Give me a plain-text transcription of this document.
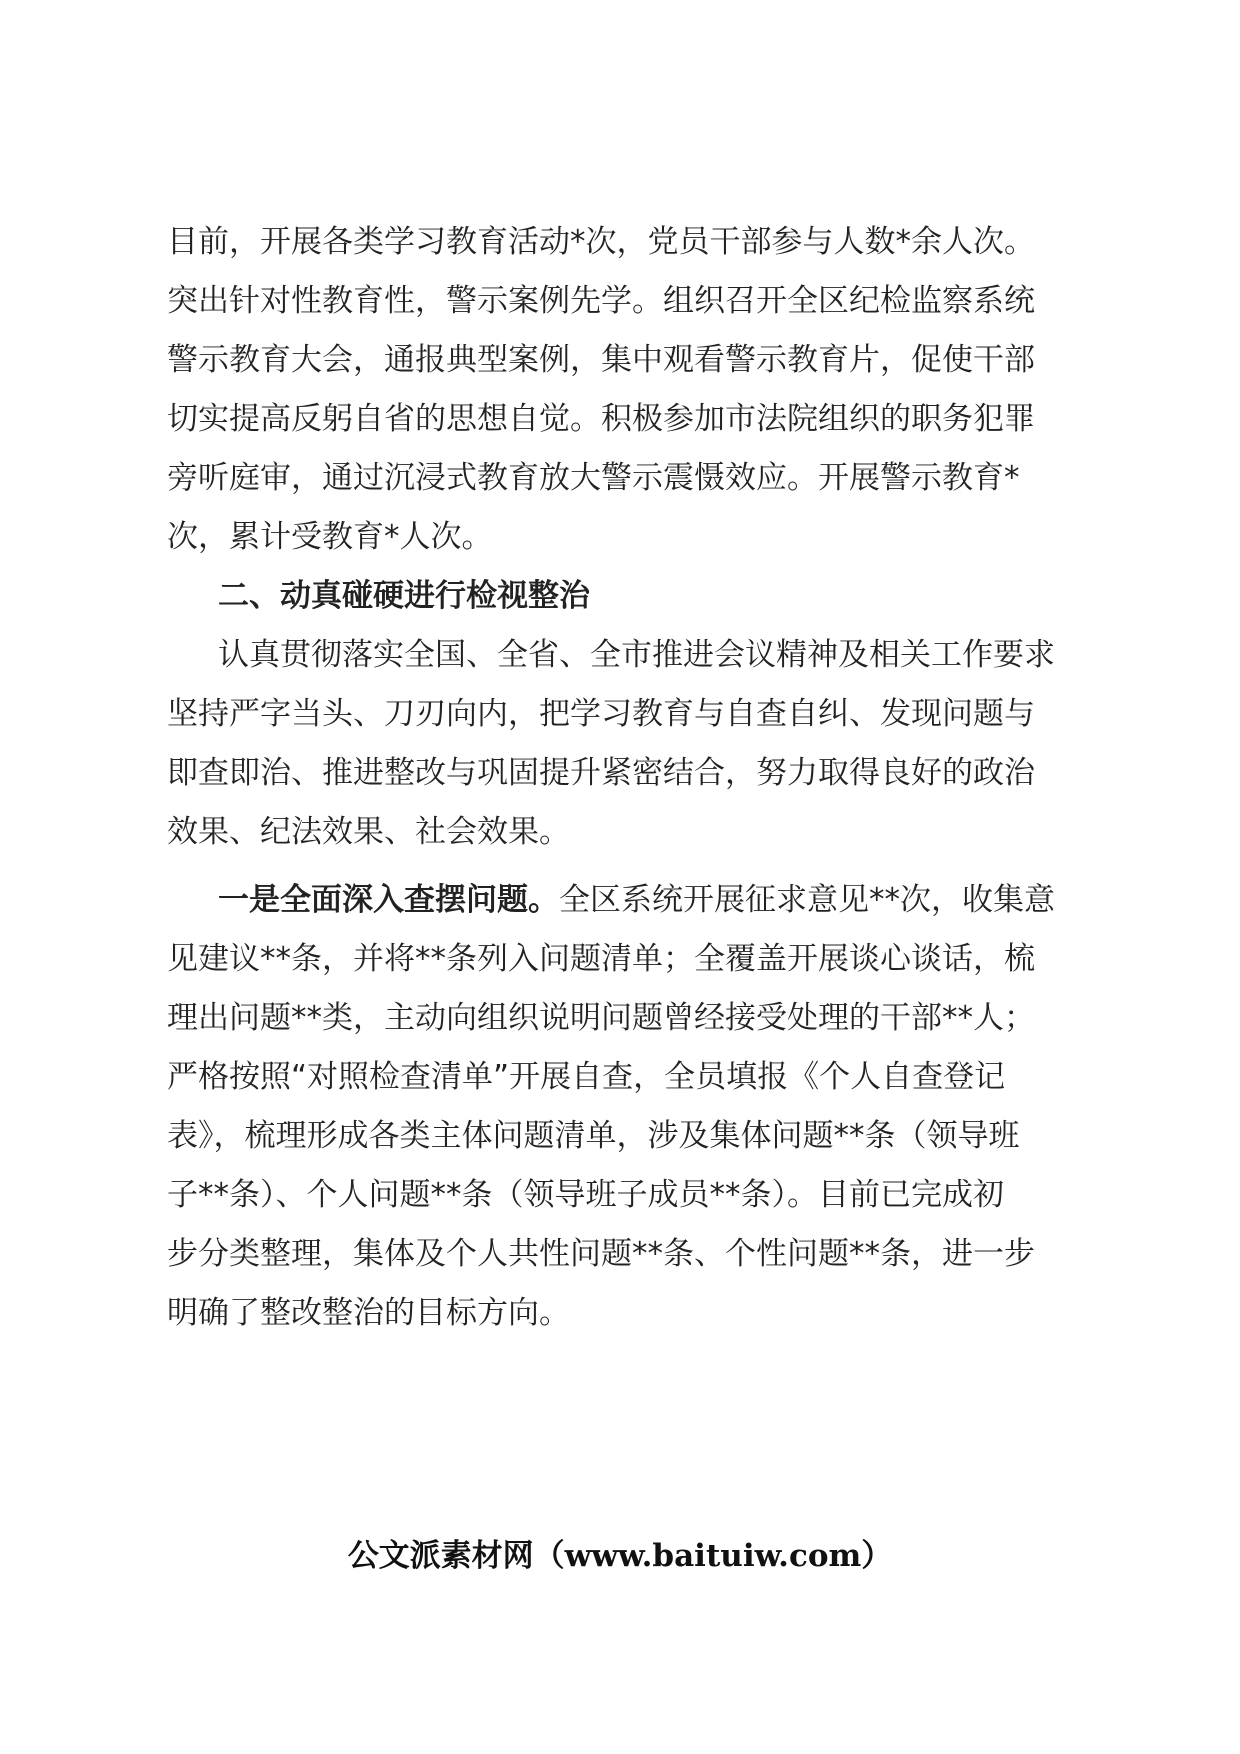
目前，开展各类学习教育活动*次，党员干部参与人数*余人次。
突出针对性教育性，警示案例先学。组织召开全区纪检监察系统
警示教育大会，通报典型案例，集中观看警示教育片，促使干部
切实提高反躬自省的思想自觉。积极参加市法院组织的职务犯罪
旁听庭审，通过沉浸式教育放大警示震慑效应。开展警示教育*
次，累计受教育*人次。
二、动真碰硬进行检视整治
认真贯彻落实全国、全省、全市推进会议精神及相关工作要求
坚持严字当头、刀刃向内，把学习教育与自查自纠、发现问题与
即查即治、推进整改与巩固提升紧密结合，努力取得良好的政治
效果、纪法效果、社会效果。
一是全面深入查摆问题。全区系统开展征求意见**次，收集意
见建议**条，并将**条列入问题清单；全覆盖开展谈心谈话，梳
理出问题**类，主动向组织说明问题曾经接受处理的干部**人；
严格按照“对照检查清单”开展自查，全员填报《个人自查登记
表》，梳理形成各类主体问题清单，涉及集体问题**条（领导班
子**条）、个人问题**条（领导班子成员**条）。目前已完成初
步分类整理，集体及个人共性问题**条、个性问题**条，进一步
明确了整改整治的目标方向。
公文派素材网（www.baituiw.com）
